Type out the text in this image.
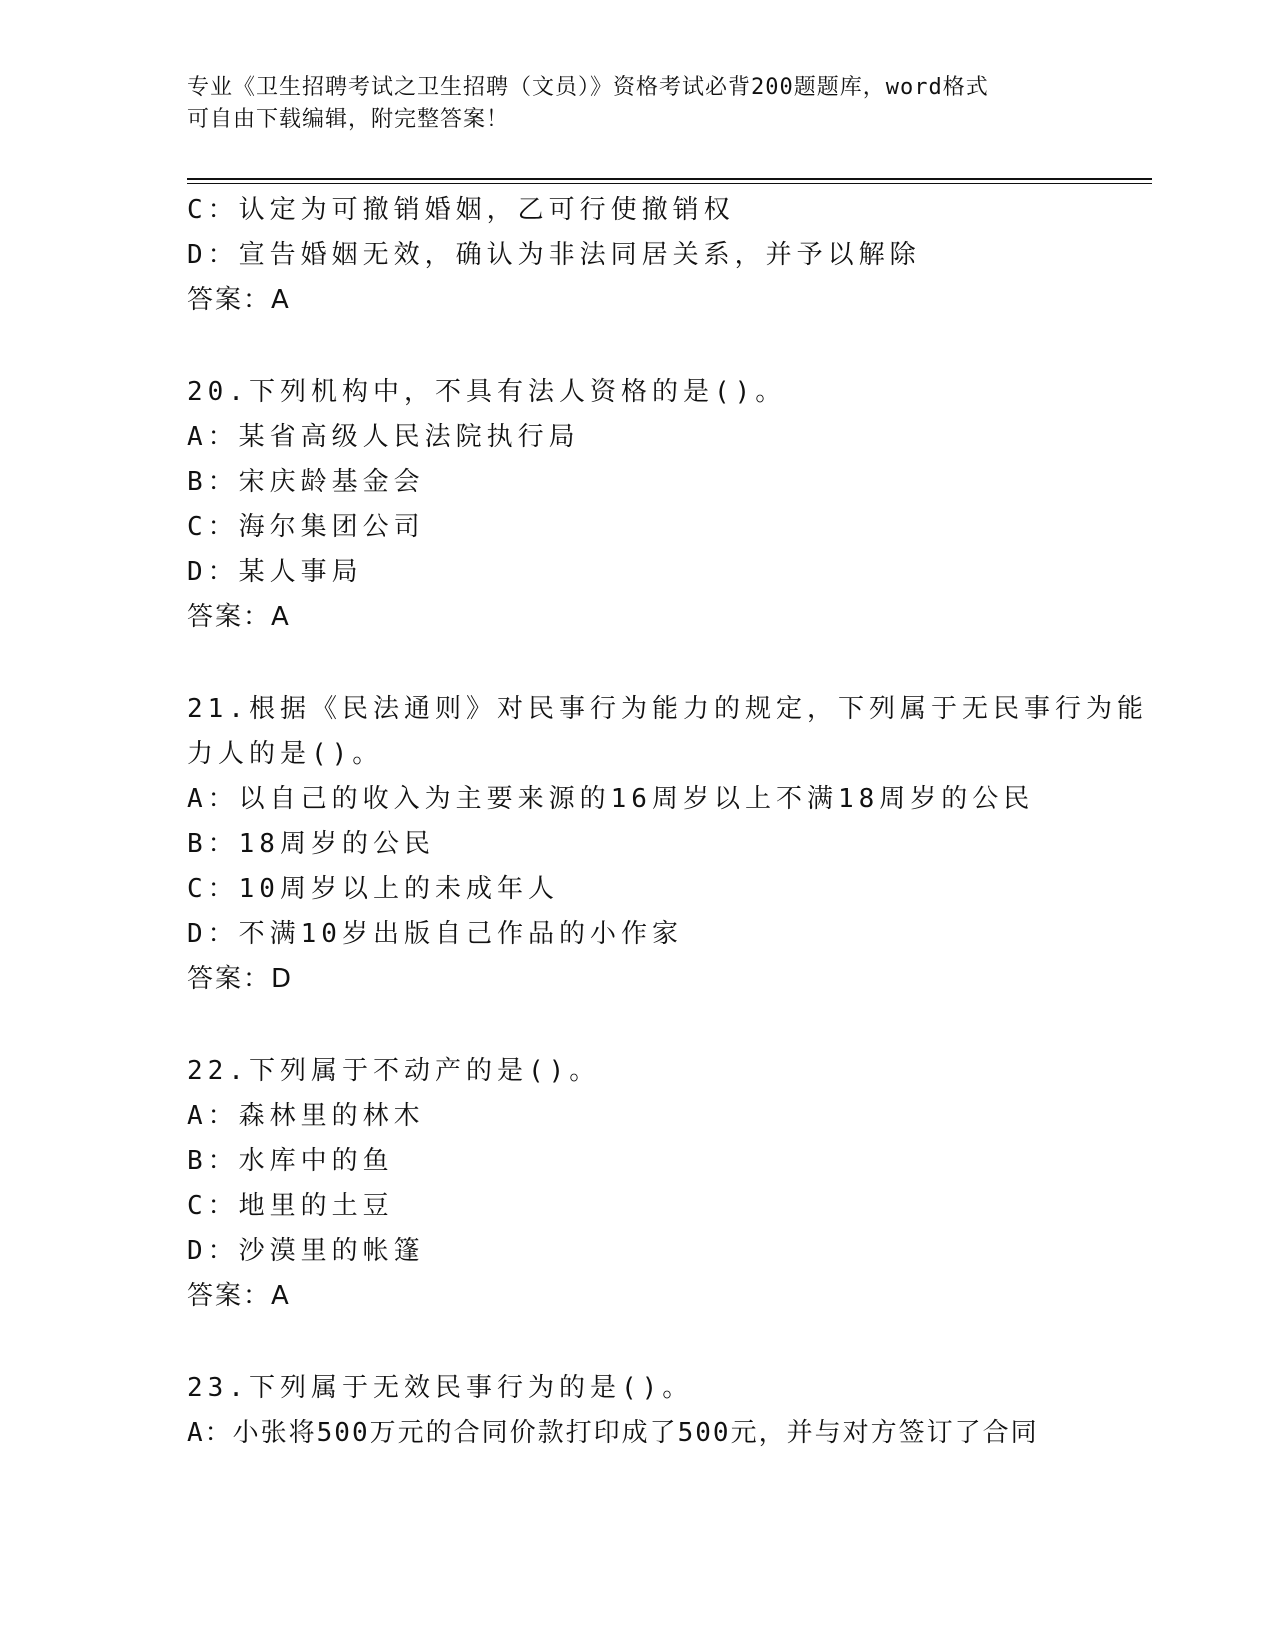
专业《卫生招聘考试之卫生招聘（文员）》资格考试必背200题题库，word格式
可自由下载编辑，附完整答案！
C：认定为可撤销婚姻，乙可行使撤销权
D：宣告婚姻无效，确认为非法同居关系，并予以解除
答案：A
20.下列机构中，不具有法人资格的是()。
A：某省高级人民法院执行局
B：宋庆龄基金会
C：海尔集团公司
D：某人事局
答案：A
21.根据《民法通则》对民事行为能力的规定，下列属于无民事行为能
力人的是()。
A：以自己的收入为主要来源的16周岁以上不满18周岁的公民
B：18周岁的公民
C：10周岁以上的未成年人
D：不满10岁出版自己作品的小作家
答案：D
22.下列属于不动产的是()。
A：森林里的林木
B：水库中的鱼
C：地里的土豆
D：沙漠里的帐篷
答案：A
23.下列属于无效民事行为的是()。
A：小张将500万元的合同价款打印成了500元，并与对方签订了合同
